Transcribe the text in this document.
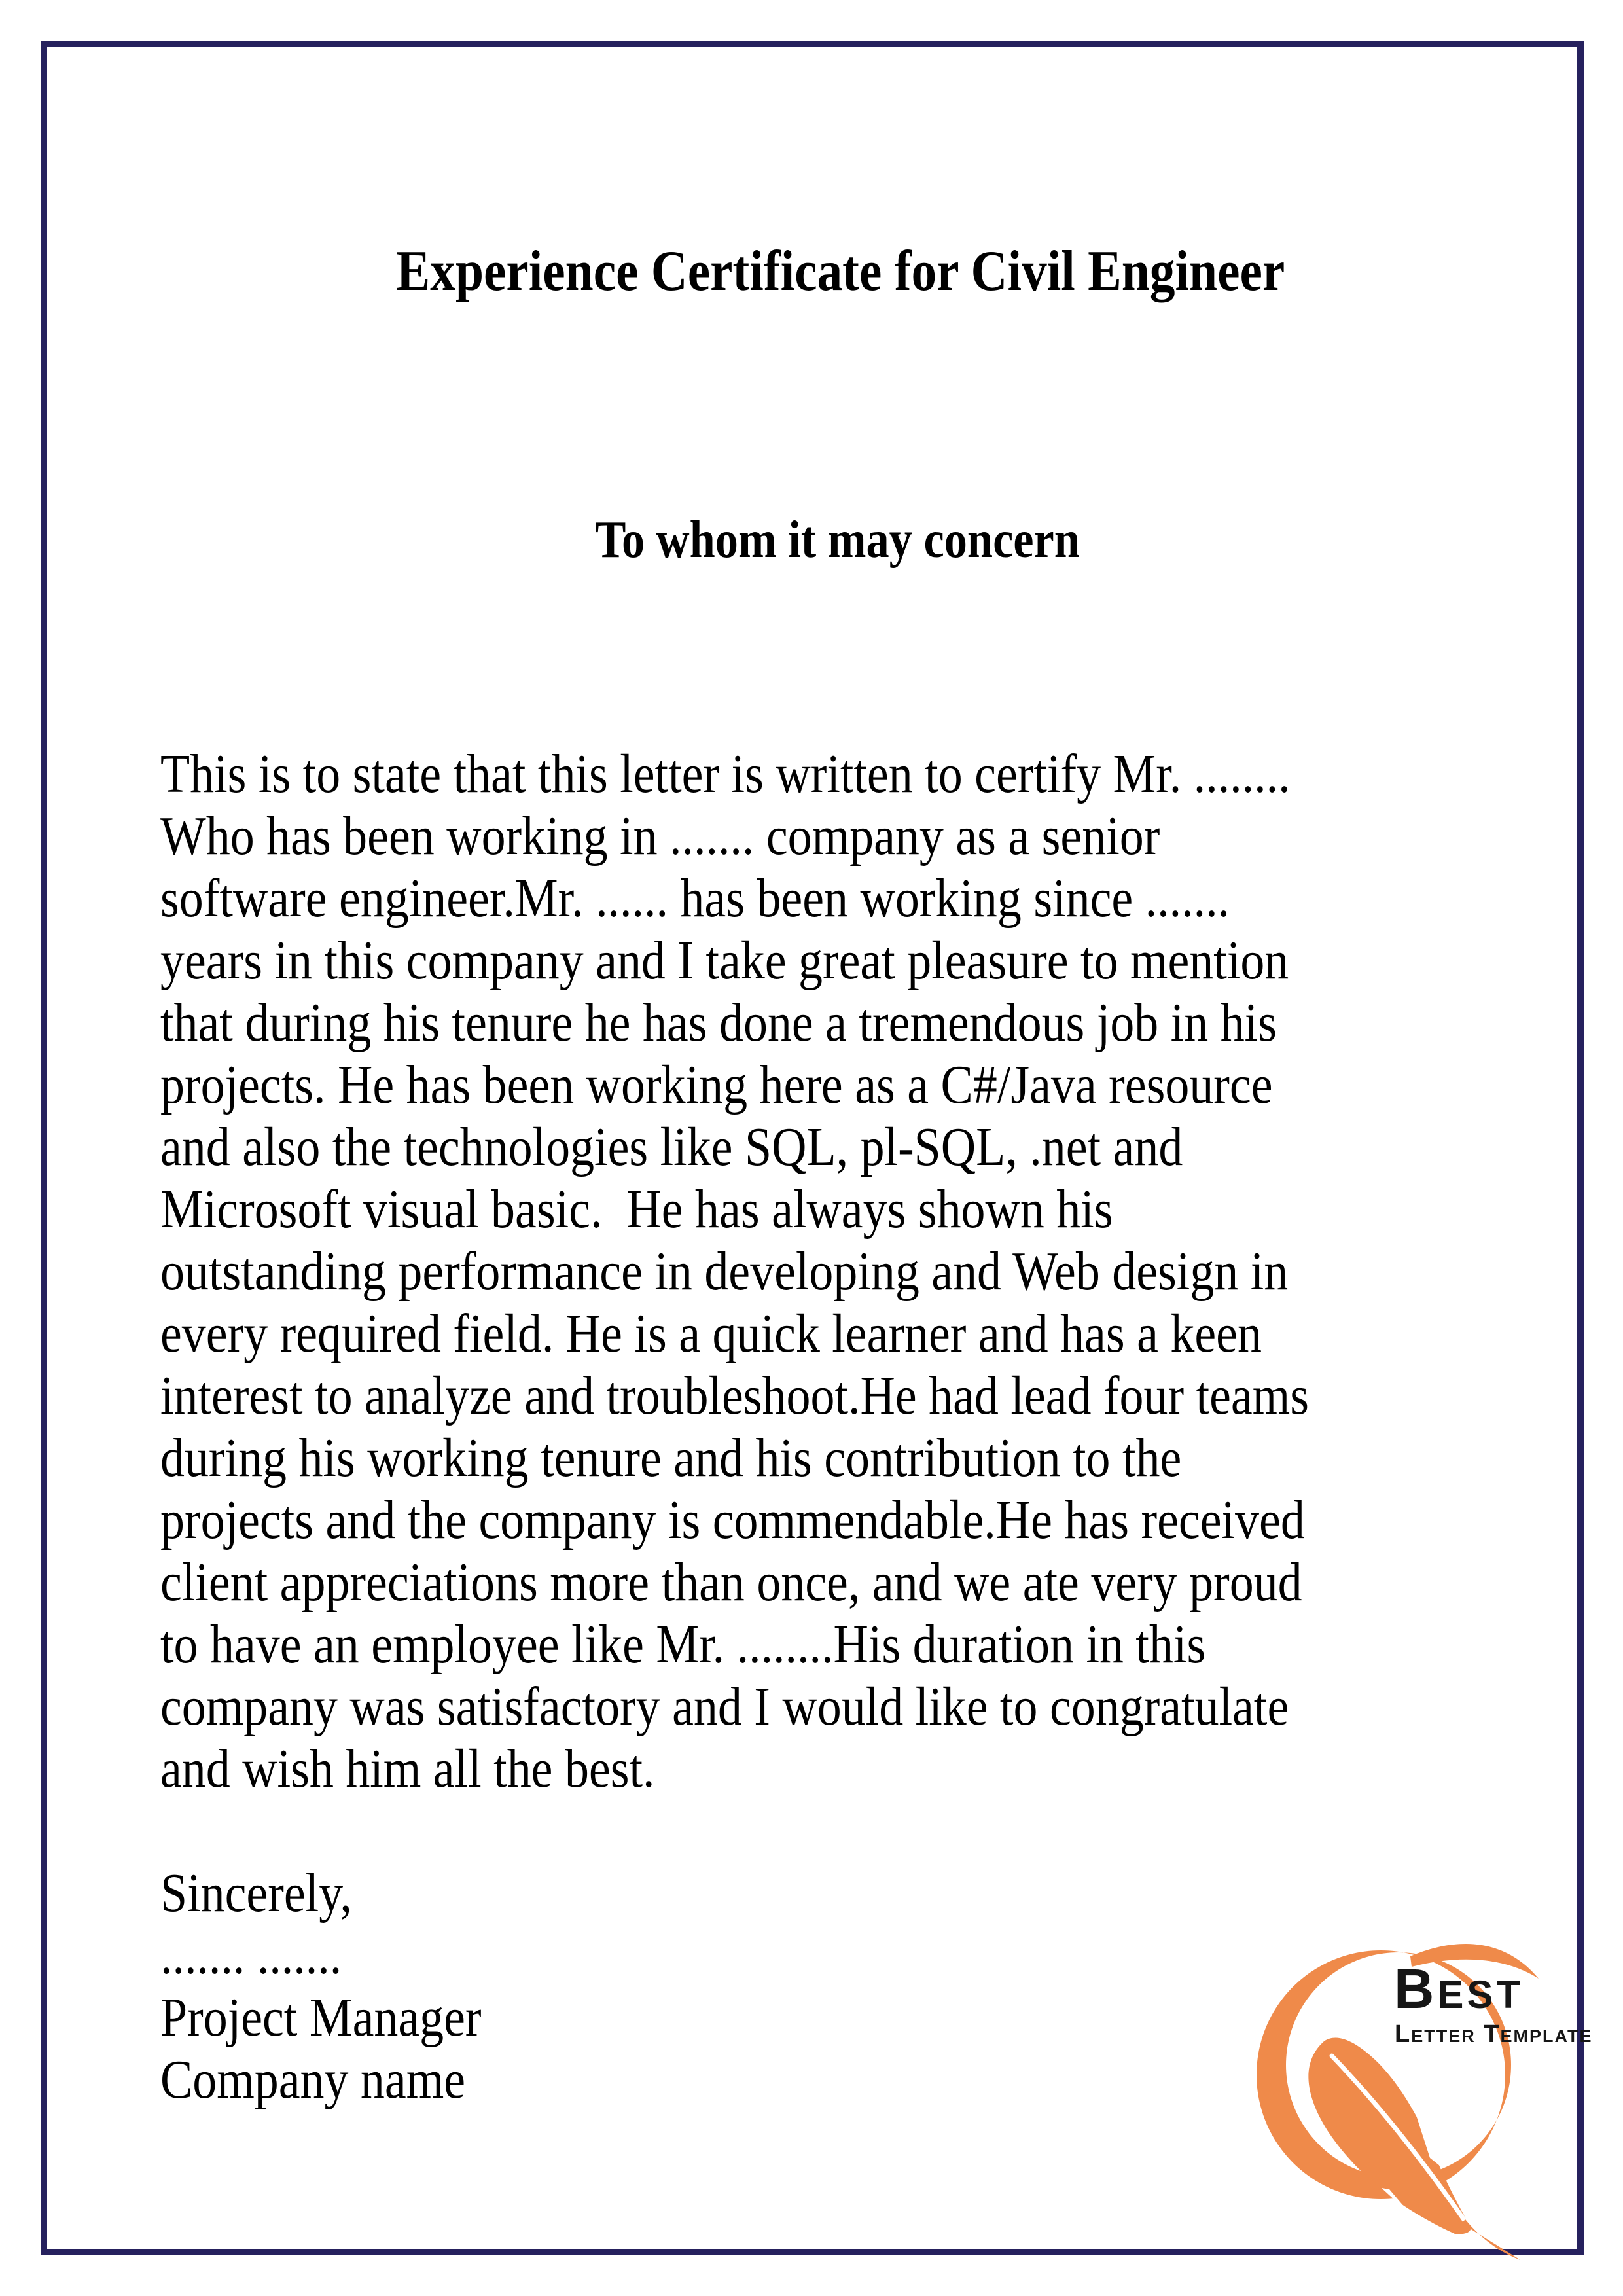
Experience Certificate for Civil Engineer

To whom it may concern

This is to state that this letter is written to certify Mr. ........
Who has been working in ....... company as a senior
software engineer.Mr. ...... has been working since .......
years in this company and I take great pleasure to mention
that during his tenure he has done a tremendous job in his
projects. He has been working here as a C#/Java resource
and also the technologies like SQL, pl-SQL, .net and
Microsoft visual basic.  He has always shown his
outstanding performance in developing and Web design in
every required field. He is a quick learner and has a keen
interest to analyze and troubleshoot.He had lead four teams
during his working tenure and his contribution to the
projects and the company is commendable.He has received
client appreciations more than once, and we ate very proud
to have an employee like Mr. ........His duration in this
company was satisfactory and I would like to congratulate
and wish him all the best.
Sincerely,
....... .......
Project Manager
Company name
Best
Letter Template
